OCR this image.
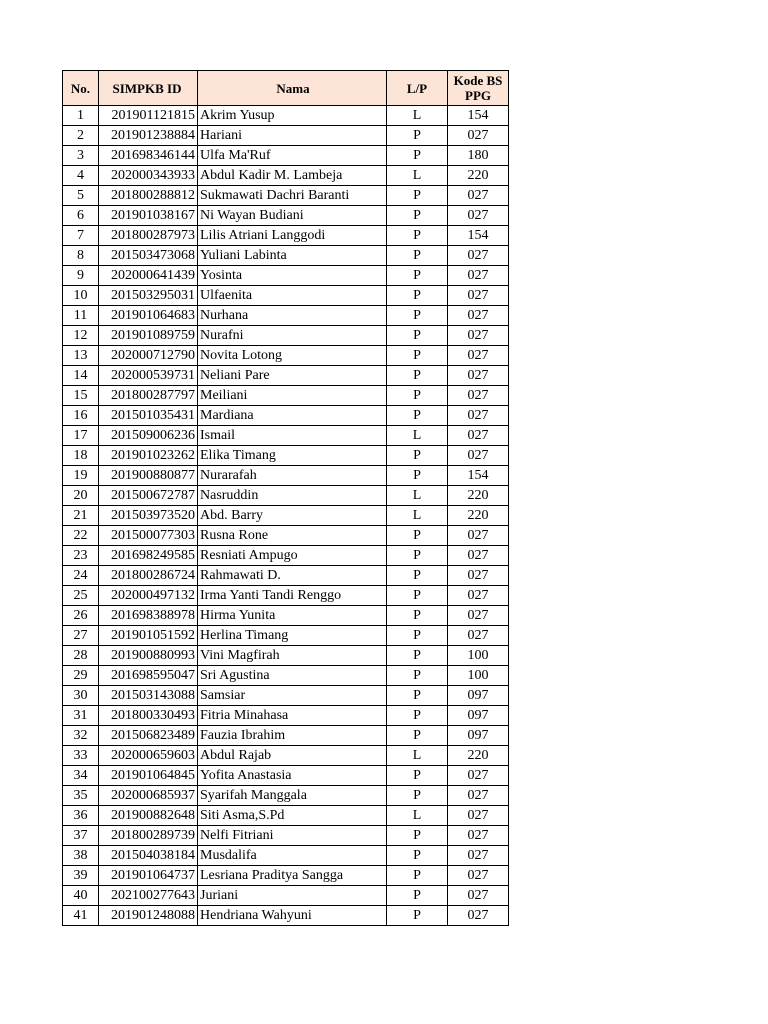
No.	SIMPKB ID	Nama	L/P	Kode BS
PPG
1	201901121815	Akrim Yusup	L	154
2	201901238884	Hariani	P	027
3	201698346144	Ulfa Ma'Ruf	P	180
4	202000343933	Abdul Kadir M. Lambeja	L	220
5	201800288812	Sukmawati Dachri Baranti	P	027
6	201901038167	Ni Wayan Budiani	P	027
7	201800287973	Lilis Atriani Langgodi	P	154
8	201503473068	Yuliani Labinta	P	027
9	202000641439	Yosinta	P	027
10	201503295031	Ulfaenita	P	027
11	201901064683	Nurhana	P	027
12	201901089759	Nurafni	P	027
13	202000712790	Novita Lotong	P	027
14	202000539731	Neliani Pare	P	027
15	201800287797	Meiliani	P	027
16	201501035431	Mardiana	P	027
17	201509006236	Ismail	L	027
18	201901023262	Elika Timang	P	027
19	201900880877	Nurarafah	P	154
20	201500672787	Nasruddin	L	220
21	201503973520	Abd. Barry	L	220
22	201500077303	Rusna Rone	P	027
23	201698249585	Resniati Ampugo	P	027
24	201800286724	Rahmawati D.	P	027
25	202000497132	Irma Yanti Tandi Renggo	P	027
26	201698388978	Hirma Yunita	P	027
27	201901051592	Herlina Timang	P	027
28	201900880993	Vini Magfirah	P	100
29	201698595047	Sri Agustina	P	100
30	201503143088	Samsiar	P	097
31	201800330493	Fitria Minahasa	P	097
32	201506823489	Fauzia Ibrahim	P	097
33	202000659603	Abdul Rajab	L	220
34	201901064845	Yofita Anastasia	P	027
35	202000685937	Syarifah Manggala	P	027
36	201900882648	Siti Asma,S.Pd	L	027
37	201800289739	Nelfi Fitriani	P	027
38	201504038184	Musdalifa	P	027
39	201901064737	Lesriana Praditya Sangga	P	027
40	202100277643	Juriani	P	027
41	201901248088	Hendriana Wahyuni	P	027
